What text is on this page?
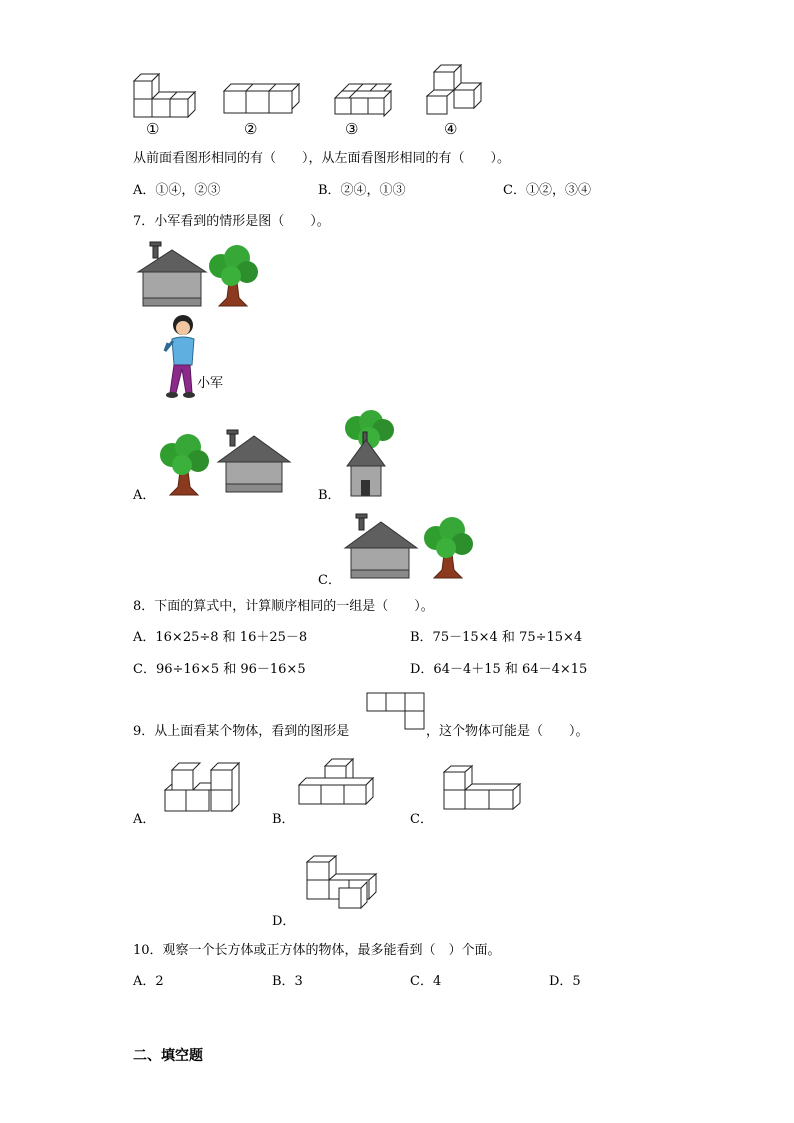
①	②	③	④
从前面看图形相同的有（　　），从左面看图形相同的有（　　）。
A．①④，②③	B．②④，①③	C．①②，③④
7．小军看到的情形是图（　　）。
小军
A．	B．
C．
8．下面的算式中，计算顺序相同的一组是（　　）。
A．16×25÷8 和 16＋25－8	B．75－15×4 和 75÷15×4
C．96÷16×5 和 96－16×5	D．64－4＋15 和 64－4×15
9．从上面看某个物体，看到的图形是	，这个物体可能是（　　）。
A．	B．	C．
D．
10．观察一个长方体或正方体的物体，最多能看到（　）个面。
A．2	B．3	C．4	D．5
二、填空题
